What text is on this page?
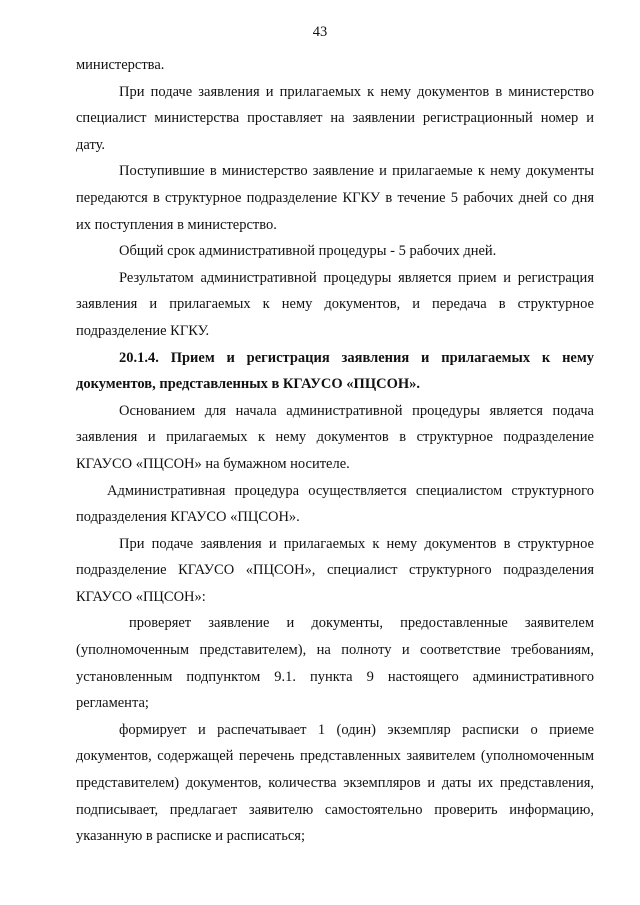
43

министерства.

При подаче заявления и прилагаемых к нему документов в министерство специалист министерства проставляет на заявлении регистрационный номер и дату.

Поступившие в министерство заявление и прилагаемые к нему документы передаются в структурное подразделение КГКУ в течение 5 рабочих дней со дня их поступления в министерство.

Общий срок административной процедуры - 5 рабочих дней.

Результатом административной процедуры является прием и регистрация заявления и прилагаемых к нему документов, и передача в структурное подразделение КГКУ.

20.1.4. Прием и регистрация заявления и прилагаемых к нему документов, представленных в КГАУСО «ПЦСОН».

Основанием для начала административной процедуры является подача заявления и прилагаемых к нему документов в структурное подразделение КГАУСО «ПЦСОН» на бумажном носителе.

Административная процедура осуществляется специалистом структурного подразделения КГАУСО «ПЦСОН».

При подаче заявления и прилагаемых к нему документов в структурное подразделение КГАУСО «ПЦСОН», специалист структурного подразделения КГАУСО «ПЦСОН»:

проверяет заявление и документы, предоставленные заявителем (уполномоченным представителем), на полноту и соответствие требованиям, установленным подпунктом 9.1. пункта 9 настоящего административного регламента;

формирует и распечатывает 1 (один) экземпляр расписки о приеме документов, содержащей перечень представленных заявителем (уполномоченным представителем) документов, количества экземпляров и даты их представления, подписывает, предлагает заявителю самостоятельно проверить информацию, указанную в расписке и расписаться;
